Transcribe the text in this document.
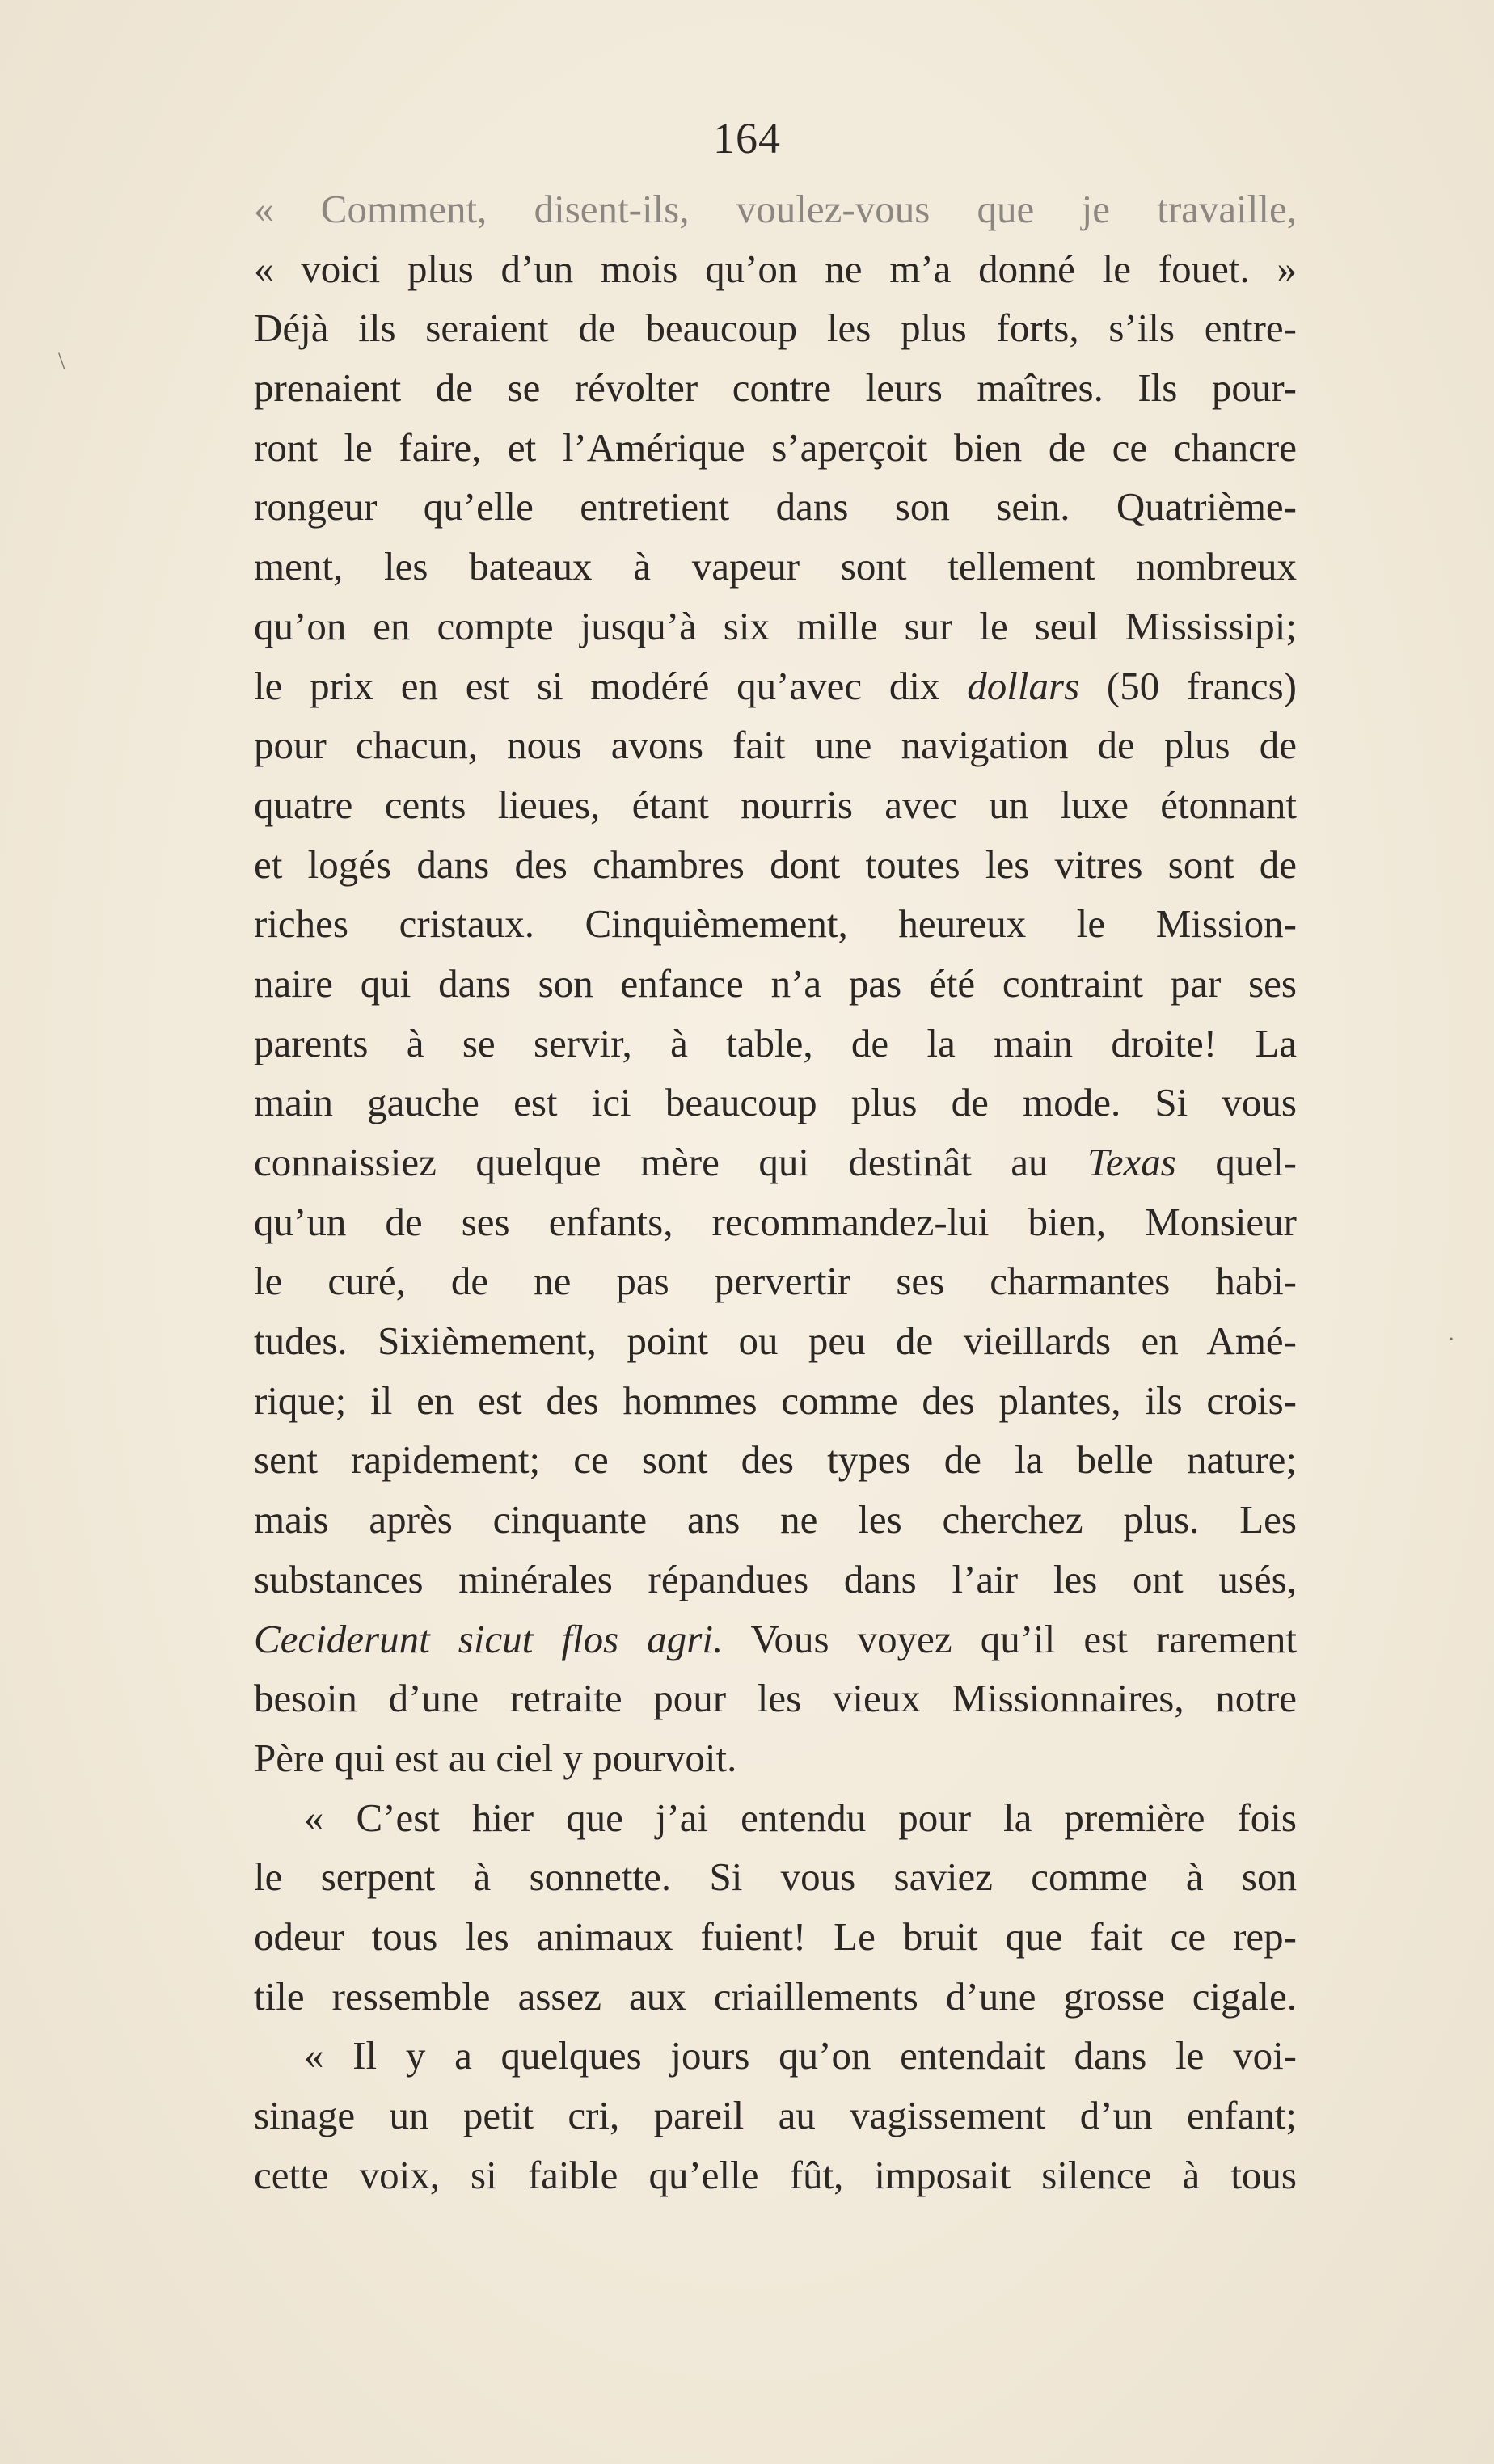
164
« Comment, disent-ils, voulez-vous que je travaille,
« voici plus d’un mois qu’on ne m’a donné le fouet. »
Déjà ils seraient de beaucoup les plus forts, s’ils entre-
prenaient de se révolter contre leurs maîtres. Ils pour-
ront le faire, et l’Amérique s’aperçoit bien de ce chancre
rongeur qu’elle entretient dans son sein. Quatrième-
ment, les bateaux à vapeur sont tellement nombreux
qu’on en compte jusqu’à six mille sur le seul Mississipi;
le prix en est si modéré qu’avec dix dollars (50 francs)
pour chacun, nous avons fait une navigation de plus de
quatre cents lieues, étant nourris avec un luxe étonnant
et logés dans des chambres dont toutes les vitres sont de
riches cristaux. Cinquièmement, heureux le Mission-
naire qui dans son enfance n’a pas été contraint par ses
parents à se servir, à table, de la main droite! La
main gauche est ici beaucoup plus de mode. Si vous
connaissiez quelque mère qui destinât au Texas quel-
qu’un de ses enfants, recommandez-lui bien, Monsieur
le curé, de ne pas pervertir ses charmantes habi-
tudes. Sixièmement, point ou peu de vieillards en Amé-
rique; il en est des hommes comme des plantes, ils crois-
sent rapidement; ce sont des types de la belle nature;
mais après cinquante ans ne les cherchez plus. Les
substances minérales répandues dans l’air les ont usés,
Ceciderunt sicut flos agri. Vous voyez qu’il est rarement
besoin d’une retraite pour les vieux Missionnaires, notre
Père qui est au ciel y pourvoit.
« C’est hier que j’ai entendu pour la première fois
le serpent à sonnette. Si vous saviez comme à son
odeur tous les animaux fuient! Le bruit que fait ce rep-
tile ressemble assez aux criaillements d’une grosse cigale.
« Il y a quelques jours qu’on entendait dans le voi-
sinage un petit cri, pareil au vagissement d’un enfant;
cette voix, si faible qu’elle fût, imposait silence à tous
\
·
